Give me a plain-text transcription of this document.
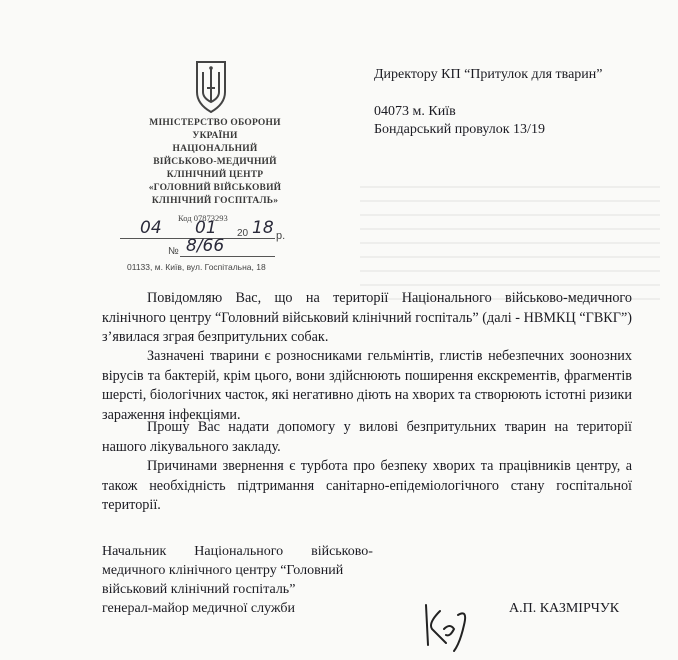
МІНІСТЕРСТВО ОБОРОНИ
УКРАЇНИ
НАЦІОНАЛЬНИЙ
ВІЙСЬКОВО-МЕДИЧНИЙ
КЛІНІЧНИЙ ЦЕНТР
«ГОЛОВНИЙ ВІЙСЬКОВИЙ
КЛІНІЧНИЙ ГОСПІТАЛЬ»
Код 07873293
04 01 20 18 р.
№ 8/66
01133, м. Київ, вул. Госпітальна, 18
Директору КП “Притулок для тварин”
04073 м. Київ
Бондарський провулок 13/19
Повідомляю Вас, що на території Національного військово-медичного клінічного центру “Головний військовий клінічний госпіталь” (далі - НВМКЦ “ГВКГ”) з’явилася зграя безпритульних собак.
Зазначені тварини є рознoсниками гельмінтів, глистів небезпечних зоонозних вірусів та бактерій, крім цього, вони здійснюють поширення екскрементів, фрагментів шерсті, біологічних часток, які негативно діють на хворих та створюють істотні ризики зараження інфекціями.
Прошу Вас надати допомогу у вилові безпритульних тварин на території нашого лікувального закладу.
Причинами звернення є турбота про безпеку хворих та працівників центру, а також необхідність підтримання санітарно-епідеміологічного стану госпітальної території.
Начальник        Національного        військово-
медичного клінічного центру “Головний
військовий клінічний госпіталь”
генерал-майор медичної служби	А.П. КАЗМІРЧУК
